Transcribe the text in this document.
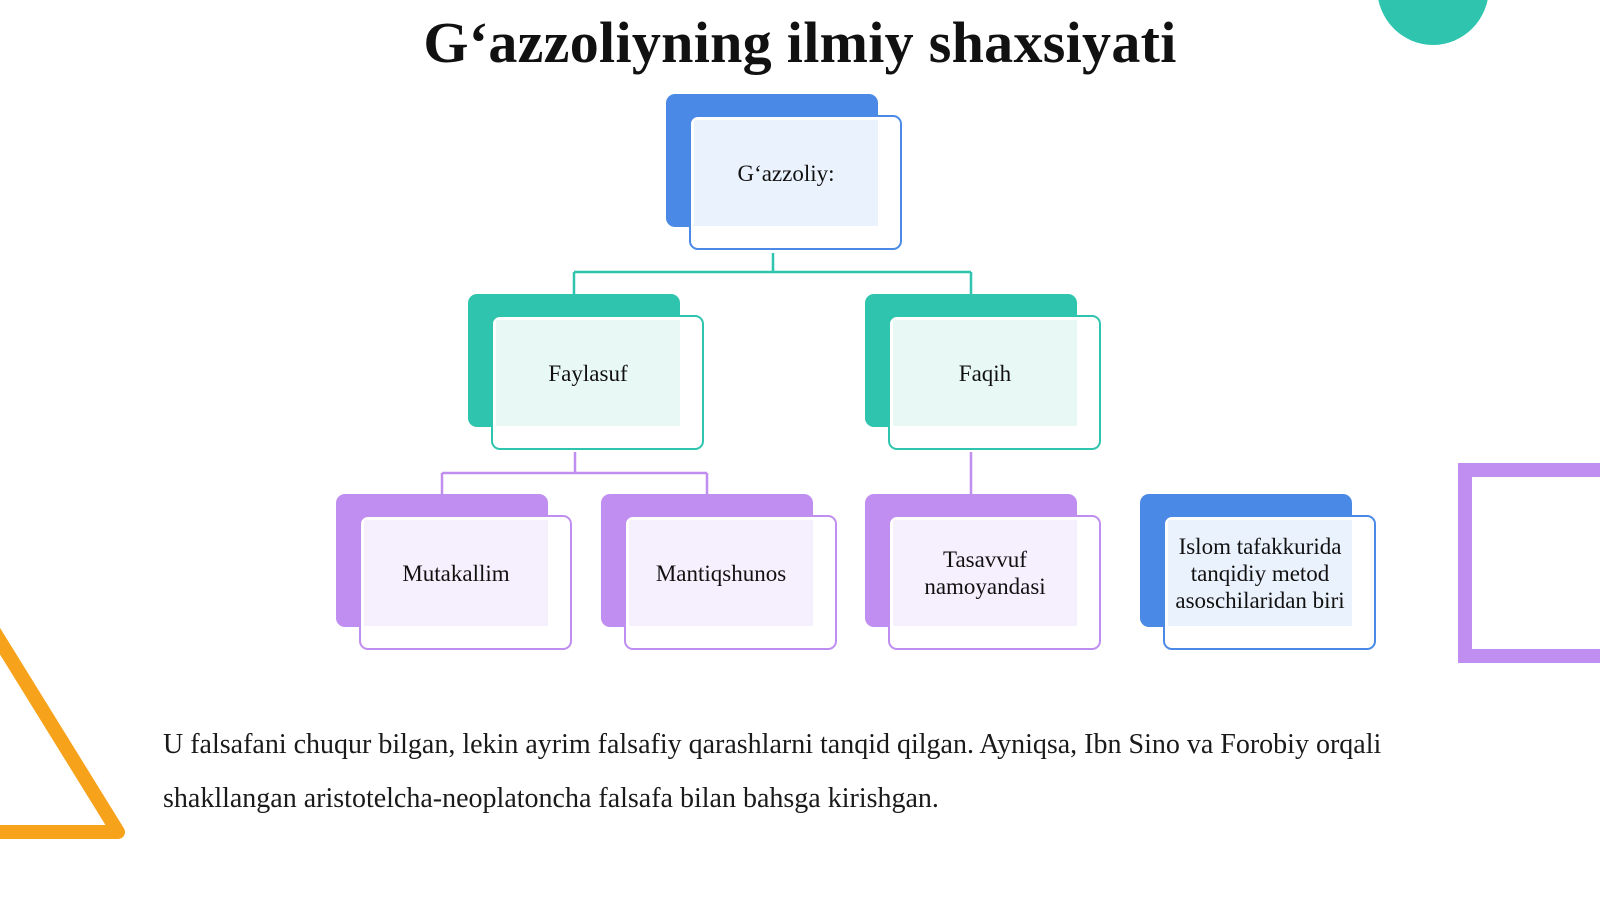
G‘azzoliyning ilmiy shaxsiyati
G‘azzoliy:
Faylasuf	Faqih
Mutakallim	Mantiqshunos
Tasavvuf namoyandasi
Islom tafakkurida tanqidiy metod asoschilaridan biri
U falsafani chuqur bilgan, lekin ayrim falsafiy qarashlarni tanqid qilgan. Ayniqsa, Ibn Sino va Forobiy orqali shakllangan aristotelcha-neoplatoncha falsafa bilan bahsga kirishgan.
